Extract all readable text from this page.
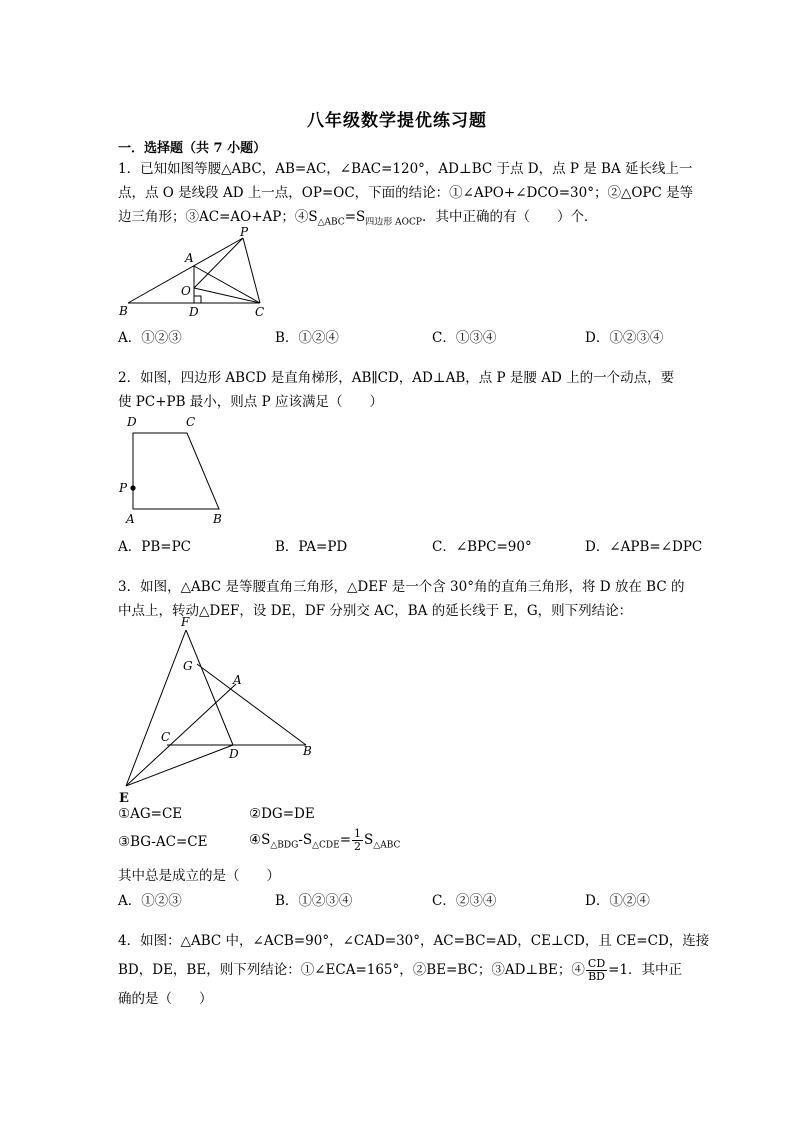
八年级数学提优练习题
一．选择题（共 7 小题）
1．已知如图等腰△ABC，AB=AC，∠BAC=120°，AD⊥BC 于点 D，点 P 是 BA 延长线上一
点，点 O 是线段 AD 上一点，OP=OC，下面的结论：①∠APO+∠DCO=30°；②△OPC 是等
边三角形；③AC=AO+AP；$④S_{\triangle ABC}=S_{四边形 AOCP}$．其中正确的有（　　）个．
P
A
O
B	D	C
A．①②③	B．①②④	C．①③④	D．①②③④
2．如图，四边形 ABCD 是直角梯形，AB∥CD，AD⊥AB，点 P 是腰 AD 上的一个动点，要
使 PC+PB 最小，则点 P 应该满足（　　）
D	C
P
A	B
A．PB=PC	B．PA=PD	C．∠BPC=90°	D．∠APB=∠DPC
3．如图，△ABC 是等腰直角三角形，△DEF 是一个含 30°角的直角三角形，将 D 放在 BC 的
中点上，转动△DEF，设 DE，DF 分别交 AC，BA 的延长线于 E，G，则下列结论：
F
G
A
C
D	B
E
①AG=CE	②DG=DE
③BG-AC=CE	$④S_{\triangle BDG}-S_{\triangle CDE}= \frac{1}{2} S_{\triangle ABC}$
其中总是成立的是（　　）
A．①②③	B．①②③④	C．②③④	D．①②④
4．如图：△ABC 中，∠ACB=90°，∠CAD=30°，AC=BC=AD，CE⊥CD，且 CE=CD，连接
BD，DE，BE，则下列结论：①∠ECA=165°，②BE=BC；③AD⊥BE；④ $\frac{CD}{BD} =1$．其中正
确的是（　　）
